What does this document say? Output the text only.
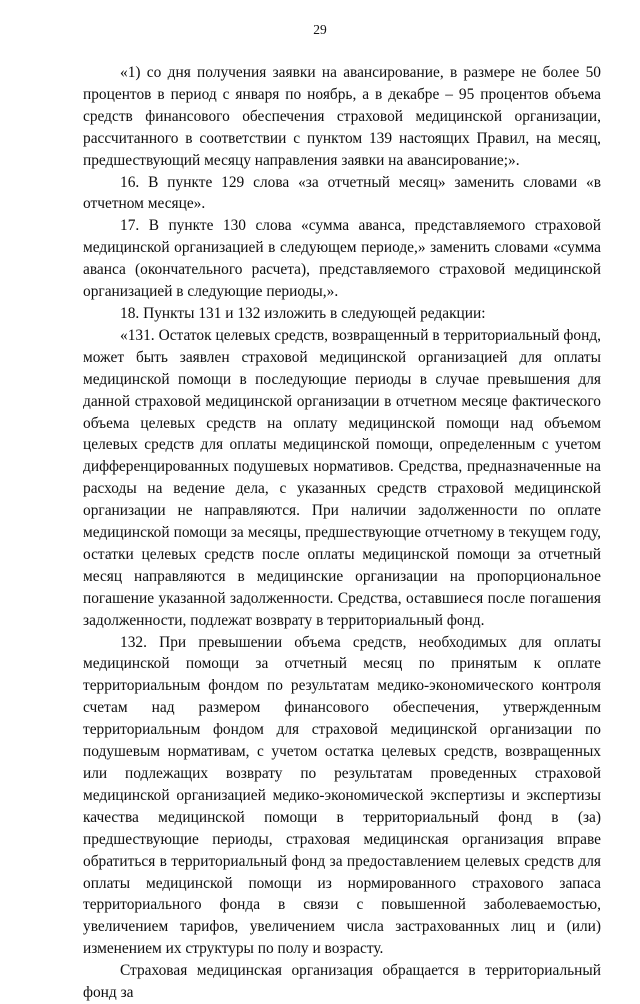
29

«1) со дня получения заявки на авансирование, в размере не более 50 процентов в период с января по ноябрь, а в декабре – 95 процентов объема средств финансового обеспечения страховой медицинской организации, рассчитанного в соответствии с пунктом 139 настоящих Правил, на месяц, предшествующий месяцу направления заявки на авансирование;».

16. В пункте 129 слова «за отчетный месяц» заменить словами «в отчетном месяце».

17. В пункте 130 слова «сумма аванса, представляемого страховой медицинской организацией в следующем периоде,» заменить словами «сумма аванса (окончательного расчета), представляемого страховой медицинской организацией в следующие периоды,».

18. Пункты 131 и 132 изложить в следующей редакции:

«131. Остаток целевых средств, возвращенный в территориальный фонд, может быть заявлен страховой медицинской организацией для оплаты медицинской помощи в последующие периоды в случае превышения для данной страховой медицинской организации в отчетном месяце фактического объема целевых средств на оплату медицинской помощи над объемом целевых средств для оплаты медицинской помощи, определенным с учетом дифференцированных подушевых нормативов. Средства, предназначенные на расходы на ведение дела, с указанных средств страховой медицинской организации не направляются. При наличии задолженности по оплате медицинской помощи за месяцы, предшествующие отчетному в текущем году, остатки целевых средств после оплаты медицинской помощи за отчетный месяц направляются в медицинские организации на пропорциональное погашение указанной задолженности. Средства, оставшиеся после погашения задолженности, подлежат возврату в территориальный фонд.

132. При превышении объема средств, необходимых для оплаты медицинской помощи за отчетный месяц по принятым к оплате территориальным фондом по результатам медико-экономического контроля счетам над размером финансового обеспечения, утвержденным территориальным фондом для страховой медицинской организации по подушевым нормативам, с учетом остатка целевых средств, возвращенных или подлежащих возврату по результатам проведенных страховой медицинской организацией медико-экономической экспертизы и экспертизы качества медицинской помощи в территориальный фонд в (за) предшествующие периоды, страховая медицинская организация вправе обратиться в территориальный фонд за предоставлением целевых средств для оплаты медицинской помощи из нормированного страхового запаса территориального фонда в связи с повышенной заболеваемостью, увеличением тарифов, увеличением числа застрахованных лиц и (или) изменением их структуры по полу и возрасту.

Страховая медицинская организация обращается в территориальный фонд за
